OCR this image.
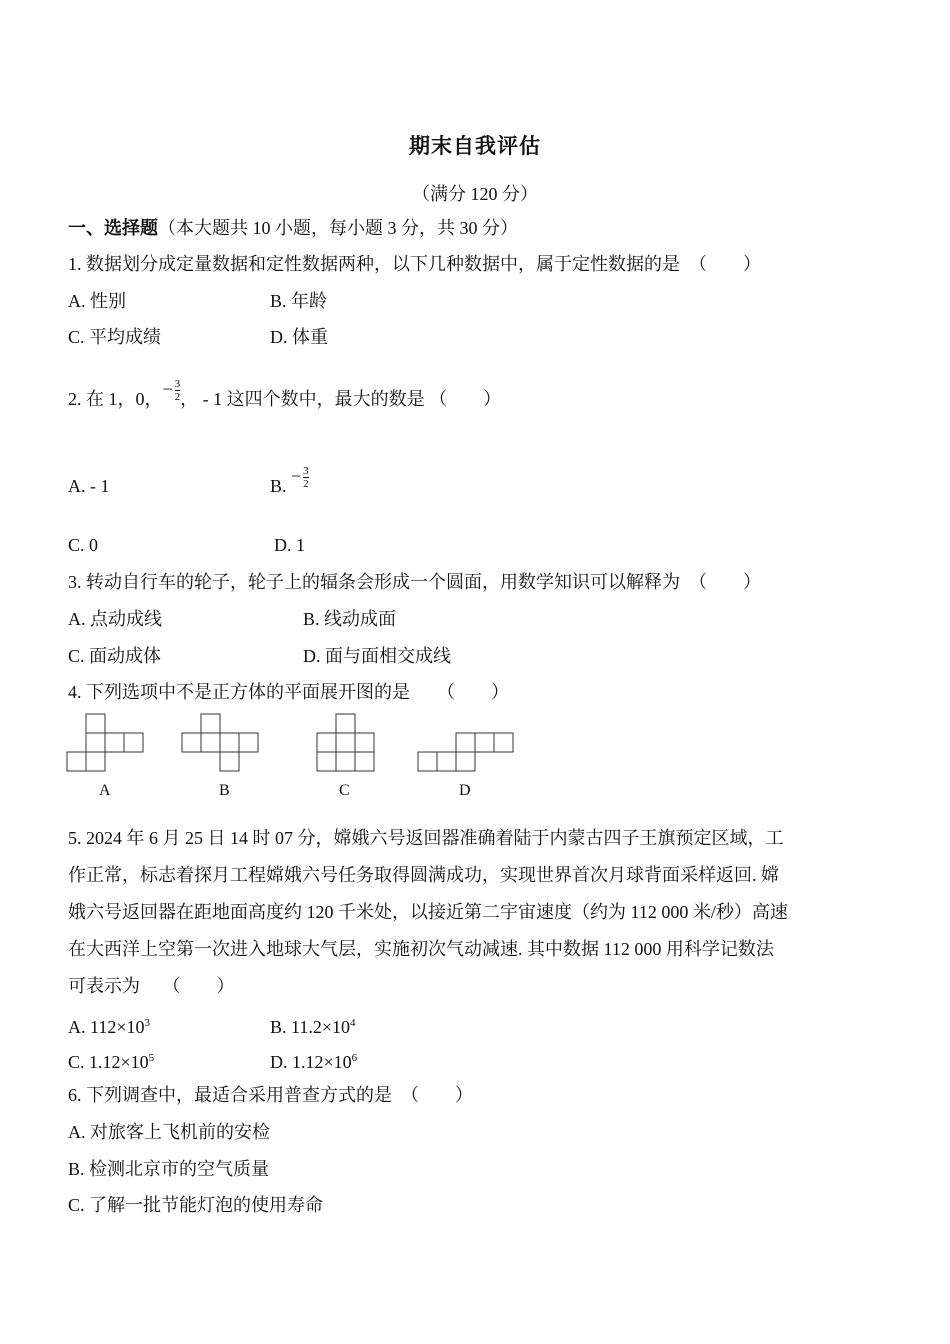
期末自我评估
（满分 120 分）
一、选择题（本大题共 10 小题，每小题 3 分，共 30 分）
1. 数据划分成定量数据和定性数据两种，以下几种数据中，属于定性数据的是　（　　）
A. 性别	B. 年龄
C. 平均成绩	D. 体重
2. 在 1，0，− $\frac{3}{2}$ ， - 1 这四个数中，最大的数是 （　　）
A. - 1	B. − $\frac{3}{2}$
C. 0	D. 1
3. 转动自行车的轮子，轮子上的辐条会形成一个圆面，用数学知识可以解释为　（　　）
A. 点动成线	B. 线动成面
C. 面动成体	D. 面与面相交成线
4. 下列选项中不是正方体的平面展开图的是　　（　　）
A	B	C	D
5. 2024 年 6 月 25 日 14 时 07 分，嫦娥六号返回器准确着陆于内蒙古四子王旗预定区域，工
作正常，标志着探月工程嫦娥六号任务取得圆满成功，实现世界首次月球背面采样返回. 嫦
娥六号返回器在距地面高度约 120 千米处，以接近第二宇宙速度（约为 112 000 米/秒）高速
在大西洋上空第一次进入地球大气层，实施初次气动减速. 其中数据 112 000 用科学记数法
可表示为　 （　　）
A. $112\times 10^3$	B. $11.2\times 10^4$
C. $1.12\times 10^5$	D. $1.12\times 10^6$
6. 下列调查中，最适合采用普查方式的是　（　　）
A. 对旅客上飞机前的安检
B. 检测北京市的空气质量
C. 了解一批节能灯泡的使用寿命
